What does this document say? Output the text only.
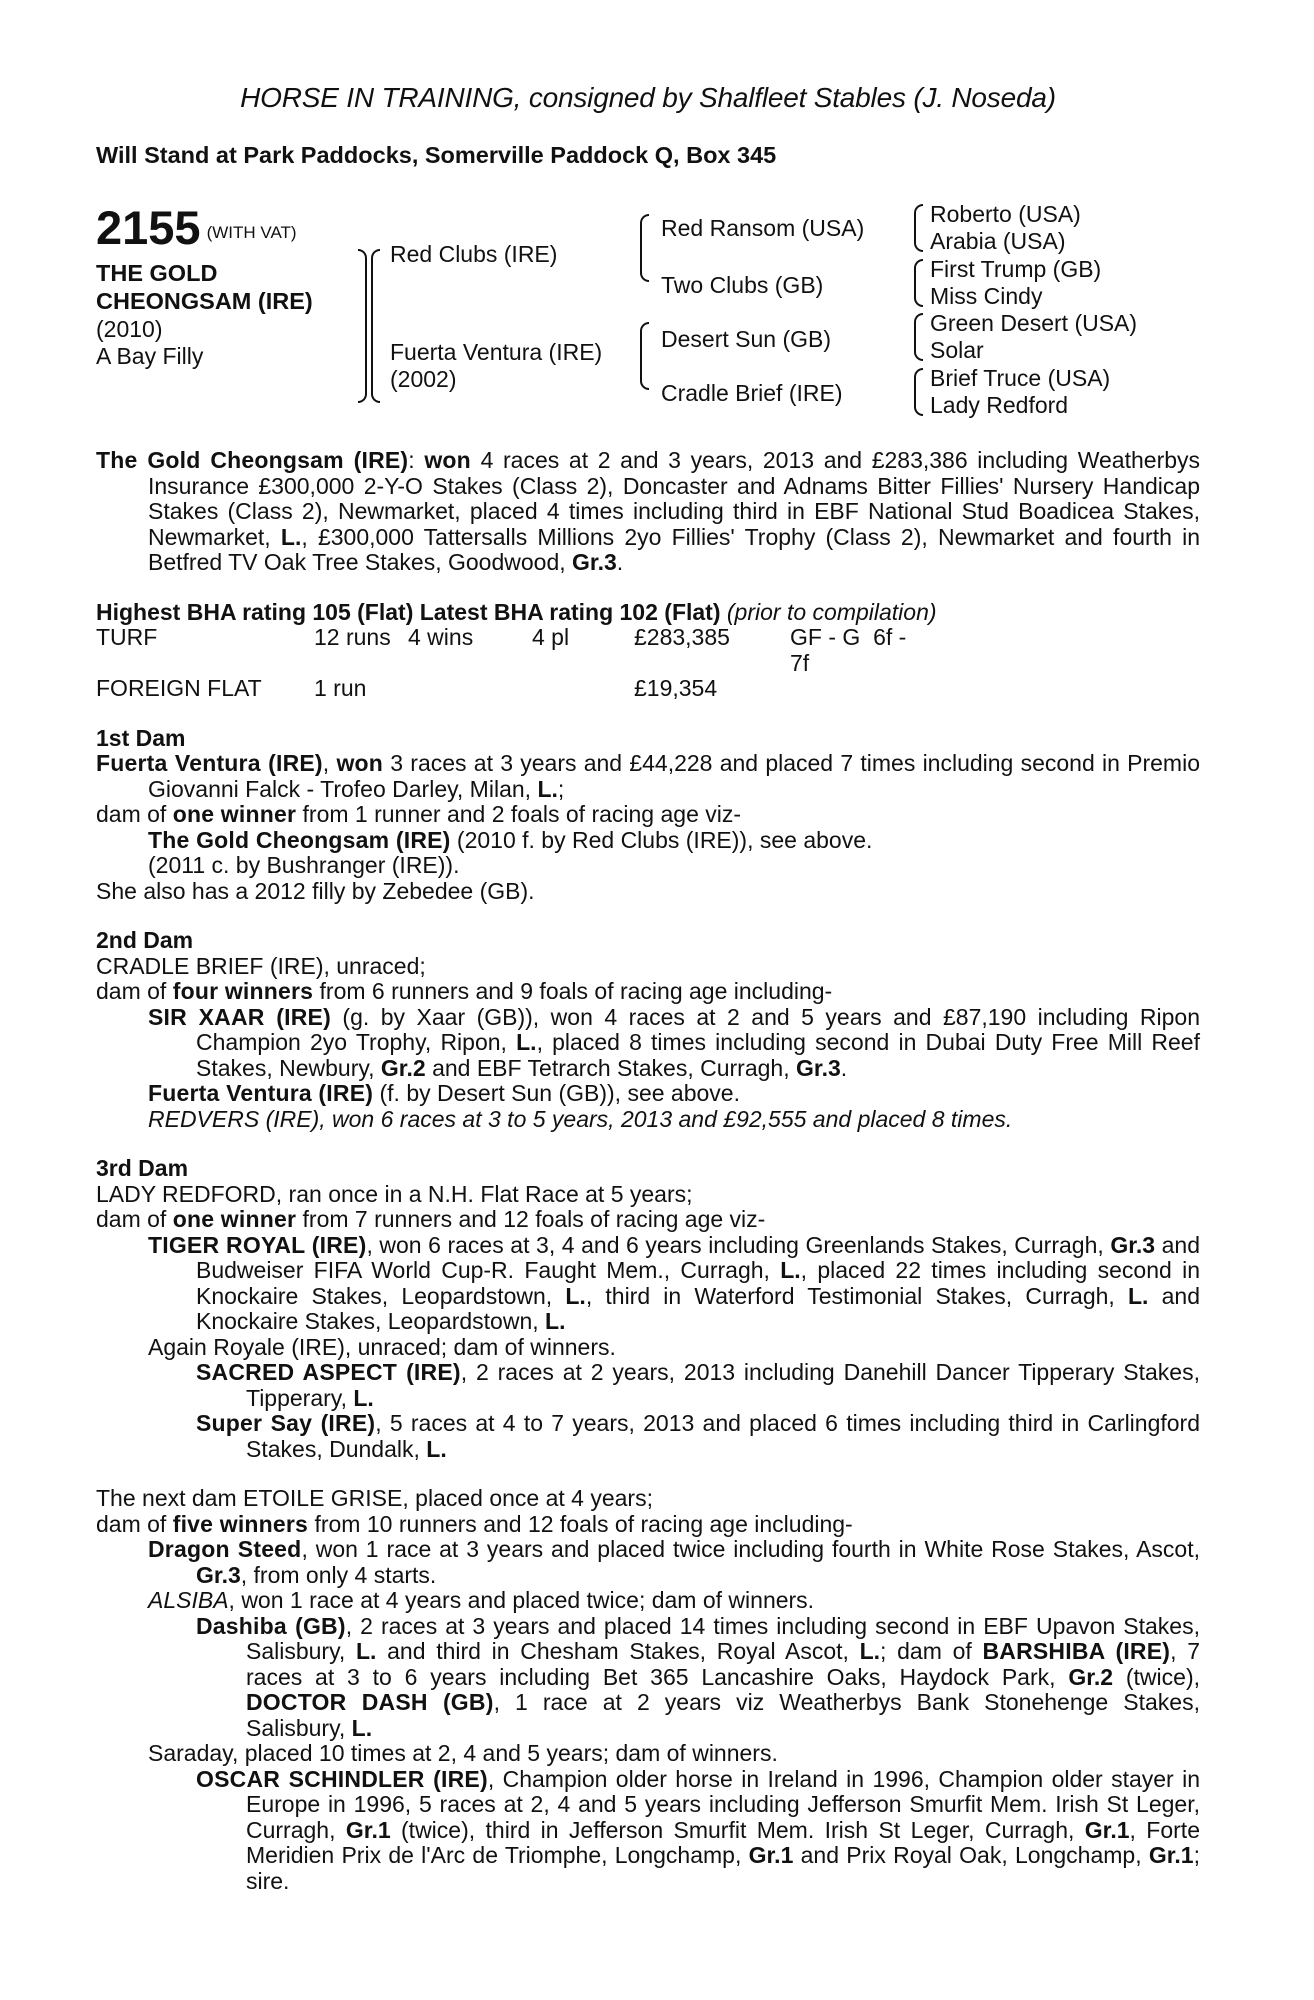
HORSE IN TRAINING, consigned by Shalfleet Stables (J. Noseda)
Will Stand at Park Paddocks, Somerville Paddock Q, Box 345
2155 $^{(WITH VAT)}$
THE GOLD
CHEONGSAM (IRE)
(2010)
A Bay Filly
Red Clubs (IRE)
Fuerta Ventura (IRE)
(2002)
Red Ransom (USA)
Two Clubs (GB)
Desert Sun (GB)
Cradle Brief (IRE)
Roberto (USA)
Arabia (USA)
First Trump (GB)
Miss Cindy
Green Desert (USA)
Solar
Brief Truce (USA)
Lady Redford

The Gold Cheongsam (IRE): won 4 races at 2 and 3 years, 2013 and £283,386 including Weatherbys Insurance £300,000 2-Y-O Stakes (Class 2), Doncaster and Adnams Bitter Fillies' Nursery Handicap Stakes (Class 2), Newmarket, placed 4 times including third in EBF National Stud Boadicea Stakes, Newmarket, L., £300,000 Tattersalls Millions 2yo Fillies' Trophy (Class 2), Newmarket and fourth in Betfred TV Oak Tree Stakes, Goodwood, Gr.3.

Highest BHA rating 105 (Flat) Latest BHA rating 102 (Flat) (prior to compilation)

TURF	12 runs 4 wins	4 pl	£283,385	GF - G 6f - 7f
FOREIGN FLAT	1 run	£19,354

1st Dam

Fuerta Ventura (IRE), won 3 races at 3 years and £44,228 and placed 7 times including second in Premio Giovanni Falck - Trofeo Darley, Milan, L.;

dam of one winner from 1 runner and 2 foals of racing age viz-

The Gold Cheongsam (IRE) (2010 f. by Red Clubs (IRE)), see above.

(2011 c. by Bushranger (IRE)).

She also has a 2012 filly by Zebedee (GB).

2nd Dam

CRADLE BRIEF (IRE), unraced;

dam of four winners from 6 runners and 9 foals of racing age including-

SIR XAAR (IRE) (g. by Xaar (GB)), won 4 races at 2 and 5 years and £87,190 including Ripon Champion 2yo Trophy, Ripon, L., placed 8 times including second in Dubai Duty Free Mill Reef Stakes, Newbury, Gr.2 and EBF Tetrarch Stakes, Curragh, Gr.3.

Fuerta Ventura (IRE) (f. by Desert Sun (GB)), see above.

REDVERS (IRE), won 6 races at 3 to 5 years, 2013 and £92,555 and placed 8 times.

3rd Dam

LADY REDFORD, ran once in a N.H. Flat Race at 5 years;

dam of one winner from 7 runners and 12 foals of racing age viz-

TIGER ROYAL (IRE), won 6 races at 3, 4 and 6 years including Greenlands Stakes, Curragh, Gr.3 and Budweiser FIFA World Cup-R. Faught Mem., Curragh, L., placed 22 times including second in Knockaire Stakes, Leopardstown, L., third in Waterford Testimonial Stakes, Curragh, L. and Knockaire Stakes, Leopardstown, L.

Again Royale (IRE), unraced; dam of winners.

SACRED ASPECT (IRE), 2 races at 2 years, 2013 including Danehill Dancer Tipperary Stakes, Tipperary, L.

Super Say (IRE), 5 races at 4 to 7 years, 2013 and placed 6 times including third in Carlingford Stakes, Dundalk, L.

The next dam ETOILE GRISE, placed once at 4 years;

dam of five winners from 10 runners and 12 foals of racing age including-

Dragon Steed, won 1 race at 3 years and placed twice including fourth in White Rose Stakes, Ascot, Gr.3, from only 4 starts.

ALSIBA, won 1 race at 4 years and placed twice; dam of winners.

Dashiba (GB), 2 races at 3 years and placed 14 times including second in EBF Upavon Stakes, Salisbury, L. and third in Chesham Stakes, Royal Ascot, L.; dam of BARSHIBA (IRE), 7 races at 3 to 6 years including Bet 365 Lancashire Oaks, Haydock Park, Gr.2 (twice), DOCTOR DASH (GB), 1 race at 2 years viz Weatherbys Bank Stonehenge Stakes, Salisbury, L.

Saraday, placed 10 times at 2, 4 and 5 years; dam of winners.

OSCAR SCHINDLER (IRE), Champion older horse in Ireland in 1996, Champion older stayer in Europe in 1996, 5 races at 2, 4 and 5 years including Jefferson Smurfit Mem. Irish St Leger, Curragh, Gr.1 (twice), third in Jefferson Smurfit Mem. Irish St Leger, Curragh, Gr.1, Forte Meridien Prix de l'Arc de Triomphe, Longchamp, Gr.1 and Prix Royal Oak, Longchamp, Gr.1; sire.
